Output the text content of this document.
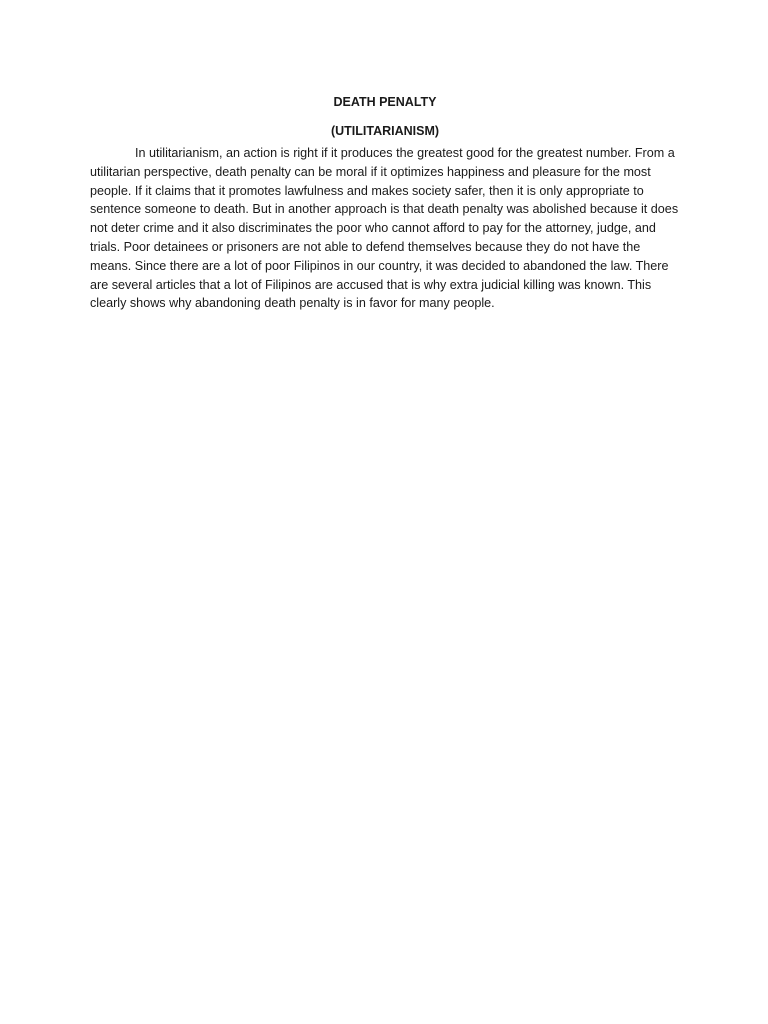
DEATH PENALTY
(UTILITARIANISM)

In utilitarianism, an action is right if it produces the greatest good for the greatest number. From a utilitarian perspective, death penalty can be moral if it optimizes happiness and pleasure for the most people. If it claims that it promotes lawfulness and makes society safer, then it is only appropriate to sentence someone to death. But in another approach is that death penalty was abolished because it does not deter crime and it also discriminates the poor who cannot afford to pay for the attorney, judge, and trials. Poor detainees or prisoners are not able to defend themselves because they do not have the means. Since there are a lot of poor Filipinos in our country, it was decided to abandoned the law. There are several articles that a lot of Filipinos are accused that is why extra judicial killing was known. This clearly shows why abandoning death penalty is in favor for many people.
